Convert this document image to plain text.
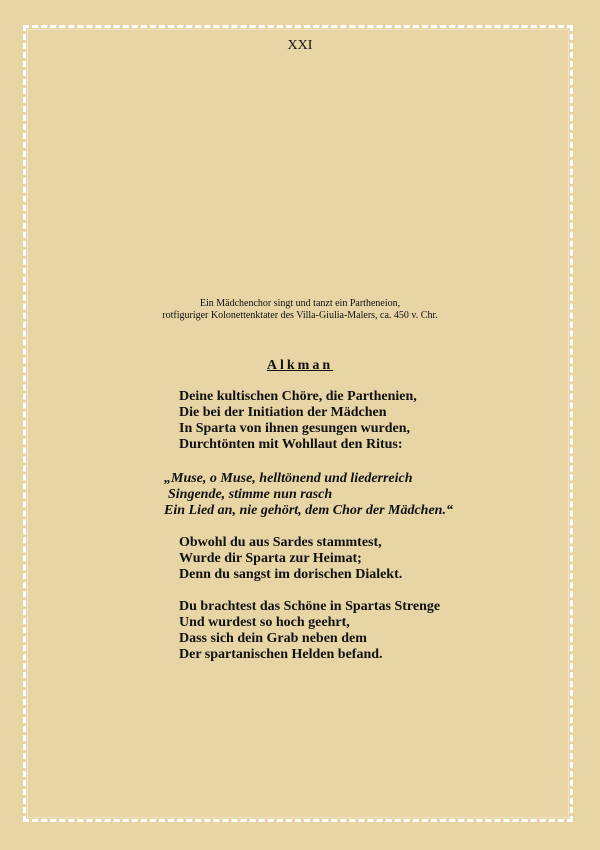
XXI
Ein Mädchenchor singt und tanzt ein Partheneion,
rotfiguriger Kolonettenktater des Villa-Giulia-Malers, ca. 450 v. Chr.
Alkman
Deine kultischen Chöre, die Parthenien,
Die bei der Initiation der Mädchen
In Sparta von ihnen gesungen wurden,
Durchtönten mit Wohllaut den Ritus:
„Muse, o Muse, helltönend und liederreich
Singende, stimme nun rasch
Ein Lied an, nie gehört, dem Chor der Mädchen.“
Obwohl du aus Sardes stammtest,
Wurde dir Sparta zur Heimat;
Denn du sangst im dorischen Dialekt.
Du brachtest das Schöne in Spartas Strenge
Und wurdest so hoch geehrt,
Dass sich dein Grab neben dem
Der spartanischen Helden befand.
